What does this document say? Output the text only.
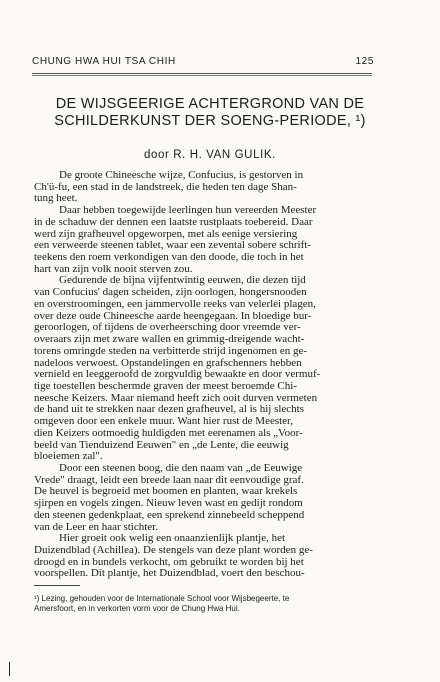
CHUNG HWA HUI TSA CHIH	125
DE WIJSGEERIGE ACHTERGROND VAN DE
SCHILDERKUNST DER SOENG-PERIODE, ¹)
door R. H. VAN GULIK.
De groote Chineesche wijze, Confucius, is gestorven in
Ch'ü-fu, een stad in de landstreek, die heden ten dage Shan-
tung heet.
Daar hebben toegewijde leerlingen hun vereerden Meester
in de schaduw der dennen een laatste rustplaats toebereid. Daar
werd zijn grafheuvel opgeworpen, met als eenige versiering
een verweerde steenen tablet, waar een zevental sobere schrift-
teekens den roem verkondigen van den doode, die toch in het
hart van zijn volk nooit sterven zou.
Gedurende de bijna vijfentwintig eeuwen, die dezen tijd
van Confucius' dagen scheiden, zijn oorlogen, hongersnooden
en overstroomingen, een jammervolle reeks van velerlei plagen,
over deze oude Chineesche aarde heengegaan. In bloedige bur-
geroorlogen, of tijdens de overheersching door vreemde ver-
overaars zijn met zware wallen en grimmig-dreigende wacht-
torens omringde steden na verbitterde strijd ingenomen en ge-
nadeloos verwoest. Opstandelingen en grafschenners hebben
vernield en leeggeroofd de zorgvuldig bewaakte en door vermuf-
tige toestellen beschermde graven der meest beroemde Chi-
neesche Keizers. Maar niemand heeft zich ooit durven vermeten
de hand uit te strekken naar dezen grafheuvel, al is hij slechts
omgeven door een enkele muur. Want hier rust de Meester,
dien Keizers ootmoedig huldigden met eerenamen als „Voor-
beeld van Tienduizend Eeuwen" en „de Lente, die eeuwig
bloeiemen zal".
Door een steenen boog, die den naam van „de Eeuwige
Vrede" draagt, leidt een breede laan naar dit eenvoudige graf.
De heuvel is begroeid met boomen en planten, waar krekels
sjirpen en vogels zingen. Nieuw leven wast en gedijt rondom
den steenen gedenkplaat, een sprekend zinnebeeld scheppend
van de Leer en haar stichter.
Hier groeit ook welig een onaanzienlijk plantje, het
Duizendblad (Achillea). De stengels van deze plant worden ge-
droogd en in bundels verkocht, om gebruikt te worden bij het
voorspellen. Dit plantje, het Duizendblad, voert den beschou-
¹) Lezing, gehouden voor de Internationale School voor Wijsbegeerte, te
Amersfoort, en in verkorten vorm voor de Chung Hwa Hui.
